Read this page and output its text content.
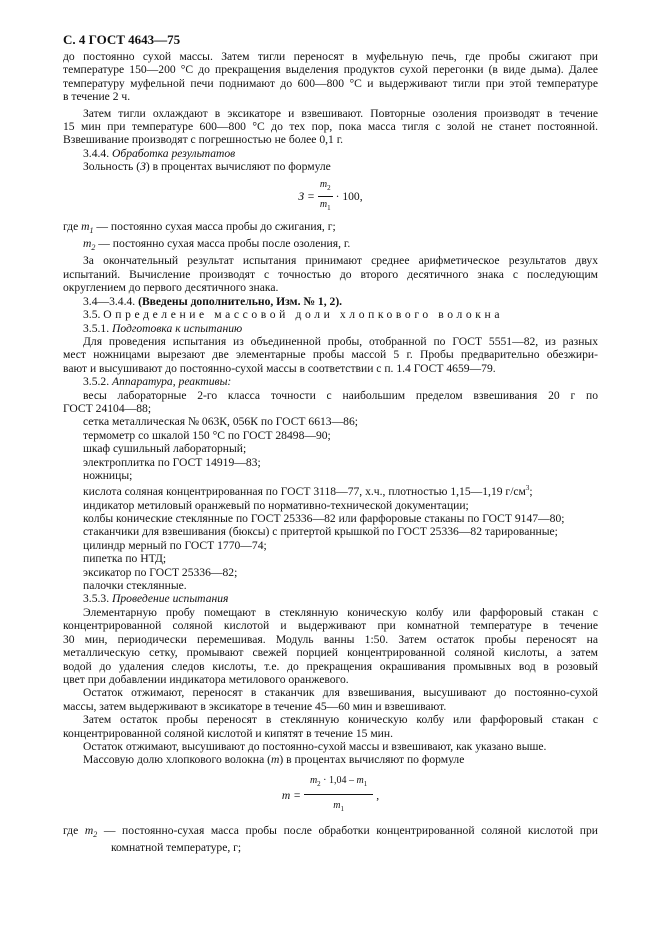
С. 4 ГОСТ 4643—75
до постоянно сухой массы. Затем тигли переносят в муфельную печь, где пробы сжигают при
температуре 150—200 °С до прекращения выделения продуктов сухой перегонки (в виде дыма). Далее
температуру муфельной печи поднимают до 600—800 °С и выдерживают тигли при этой температуре
в течение 2 ч.
Затем тигли охлаждают в эксикаторе и взвешивают. Повторные озоления производят в течение
15 мин при температуре 600—800 °С до тех пор, пока масса тигля с золой не станет постоянной.
Взвешивание производят с погрешностью не более 0,1 г.
3.4.4. Обработка результатов
Зольность (З) в процентах вычисляют по формуле
$З = \frac{m_2}{m_1} \cdot 100$,
где $m_1$ — постоянно сухая масса пробы до сжигания, г;
$m_2$ — постоянно сухая масса пробы после озоления, г.
За окончательный результат испытания принимают среднее арифметическое результатов двух
испытаний. Вычисление производят с точностью до второго десятичного знака с последующим
округлением до первого десятичного знака.
3.4—3.4.4. (Введены дополнительно, Изм. № 1, 2).
3.5. Определение массовой доли хлопкового волокна
3.5.1. Подготовка к испытанию
Для проведения испытания из объединенной пробы, отобранной по ГОСТ 5551—82, из разных
мест ножницами вырезают две элементарные пробы массой 5 г. Пробы предварительно обезжири-
вают и высушивают до постоянно-сухой массы в соответствии с п. 1.4 ГОСТ 4659—79.
3.5.2. Аппаратура, реактивы:
весы лабораторные 2-го класса точности с наибольшим пределом взвешивания 20 г по
ГОСТ 24104—88;
сетка металлическая № 063К, 056К по ГОСТ 6613—86;
термометр со шкалой 150 °С по ГОСТ 28498—90;
шкаф сушильный лабораторный;
электроплитка по ГОСТ 14919—83;
ножницы;
кислота соляная концентрированная по ГОСТ 3118—77, х.ч., плотностью 1,15—1,19 $г/см^3$;
индикатор метиловый оранжевый по нормативно-технической документации;
колбы конические стеклянные по ГОСТ 25336—82 или фарфоровые стаканы по ГОСТ 9147—80;
стаканчики для взвешивания (бюксы) с притертой крышкой по ГОСТ 25336—82 тарированные;
цилиндр мерный по ГОСТ 1770—74;
пипетка по НТД;
эксикатор по ГОСТ 25336—82;
палочки стеклянные.
3.5.3. Проведение испытания
Элементарную пробу помещают в стеклянную коническую колбу или фарфоровый стакан с
концентрированной соляной кислотой и выдерживают при комнатной температуре в течение
30 мин, периодически перемешивая. Модуль ванны 1:50. Затем остаток пробы переносят на
металлическую сетку, промывают свежей порцией концентрированной соляной кислоты, а затем
водой до удаления следов кислоты, т.е. до прекращения окрашивания промывных вод в розовый
цвет при добавлении индикатора метилового оранжевого.
Остаток отжимают, переносят в стаканчик для взвешивания, высушивают до постоянно-сухой
массы, затем выдерживают в эксикаторе в течение 45—60 мин и взвешивают.
Затем остаток пробы переносят в стеклянную коническую колбу или фарфоровый стакан с
концентрированной соляной кислотой и кипятят в течение 15 мин.
Остаток отжимают, высушивают до постоянно-сухой массы и взвешивают, как указано выше.
Массовую долю хлопкового волокна (m) в процентах вычисляют по формуле
$m = \frac{m_2 \cdot 1,04 - m_1}{m_1}$ ,
где $m_2$ — постоянно-сухая масса пробы после обработки концентрированной соляной кислотой при
комнатной температуре, г;
